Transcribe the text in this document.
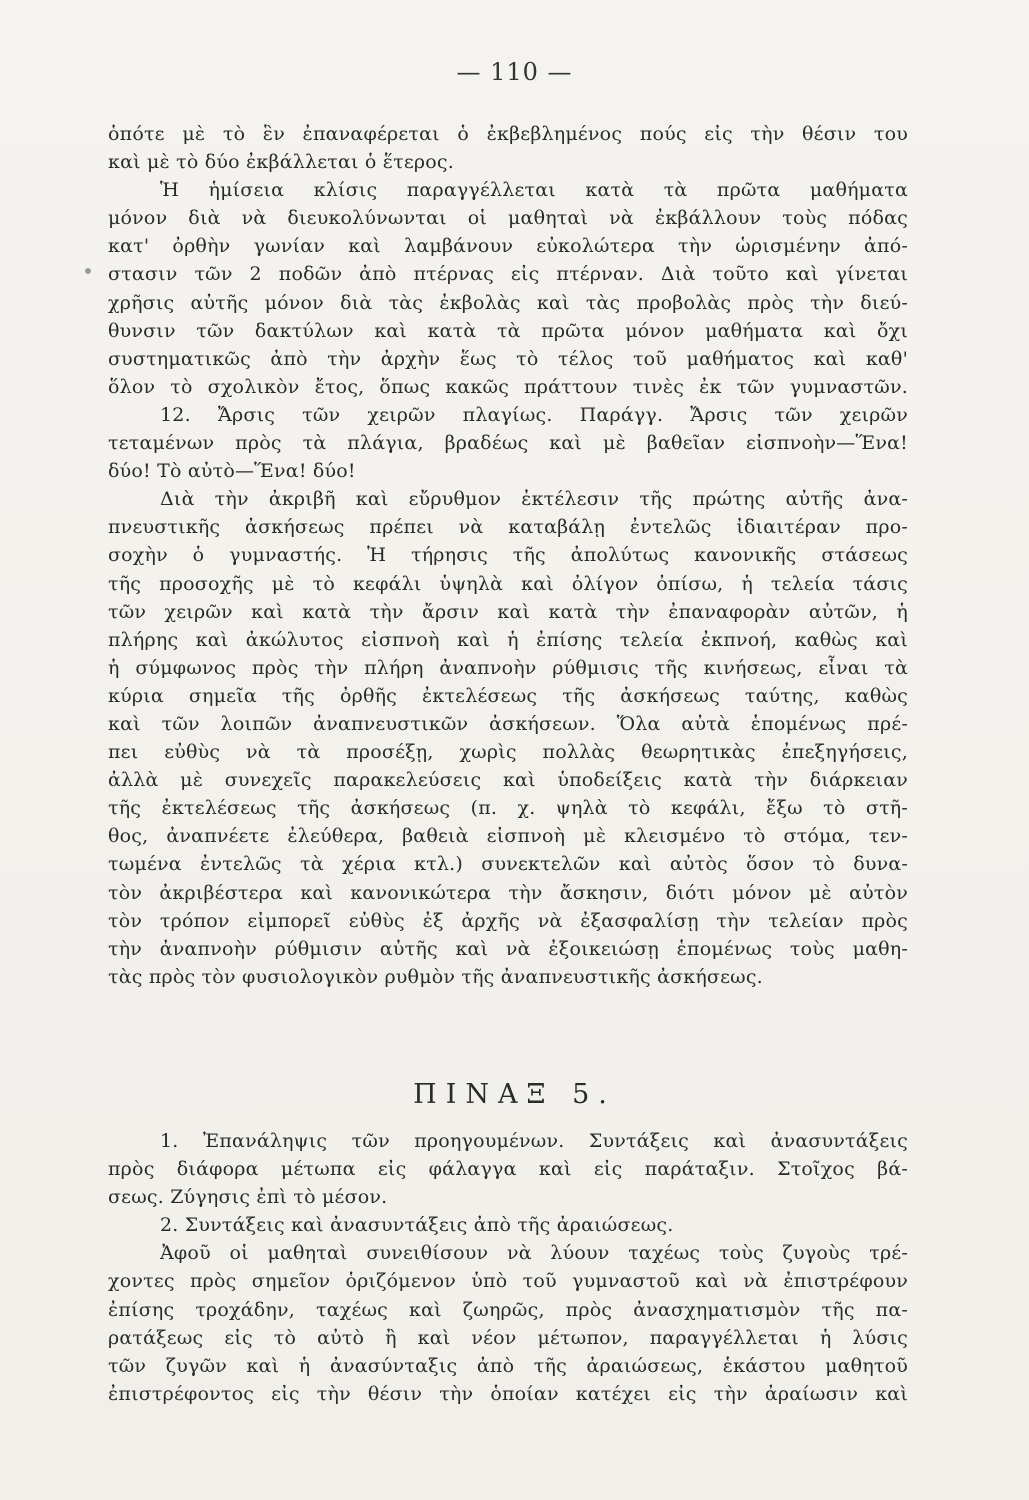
— 110 —
ὁπότε μὲ τὸ ἓν ἐπαναφέρεται ὁ ἐκβεβλημένος πούς εἰς τὴν θέσιν του
καὶ μὲ τὸ δύο ἐκβάλλεται ὁ ἕτερος.
Ἡ ἡμίσεια κλίσις παραγγέλλεται κατὰ τὰ πρῶτα μαθήματα
μόνον διὰ νὰ διευκολύνωνται οἱ μαθηταὶ νὰ ἐκβάλλουν τοὺς πόδας
κατ' ὀρθὴν γωνίαν καὶ λαμβάνουν εὐκολώτερα τὴν ὡρισμένην ἀπό-
στασιν τῶν 2 ποδῶν ἀπὸ πτέρνας εἰς πτέρναν. Διὰ τοῦτο καὶ γίνεται
χρῆσις αὐτῆς μόνον διὰ τὰς ἐκβολὰς καὶ τὰς προβολὰς πρὸς τὴν διεύ-
θυνσιν τῶν δακτύλων καὶ κατὰ τὰ πρῶτα μόνον μαθήματα καὶ ὄχι
συστηματικῶς ἀπὸ τὴν ἀρχὴν ἕως τὸ τέλος τοῦ μαθήματος καὶ καθ'
ὅλον τὸ σχολικὸν ἔτος, ὅπως κακῶς πράττουν τινὲς ἐκ τῶν γυμναστῶν.
12. Ἄρσις τῶν χειρῶν πλαγίως. Παράγγ. Ἄρσις τῶν χειρῶν
τεταμένων πρὸς τὰ πλάγια, βραδέως καὶ μὲ βαθεῖαν εἰσπνοὴν—Ἕνα!
δύο! Τὸ αὐτὸ—Ἕνα! δύο!
Διὰ τὴν ἀκριβῆ καὶ εὔρυθμον ἐκτέλεσιν τῆς πρώτης αὐτῆς ἀνα-
πνευστικῆς ἀσκήσεως πρέπει νὰ καταβάλῃ ἐντελῶς ἰδιαιτέραν προ-
σοχὴν ὁ γυμναστής. Ἡ τήρησις τῆς ἀπολύτως κανονικῆς στάσεως
τῆς προσοχῆς μὲ τὸ κεφάλι ὑψηλὰ καὶ ὀλίγον ὀπίσω, ἡ τελεία τάσις
τῶν χειρῶν καὶ κατὰ τὴν ἄρσιν καὶ κατὰ τὴν ἐπαναφορὰν αὐτῶν, ἡ
πλήρης καὶ ἀκώλυτος εἰσπνοὴ καὶ ἡ ἐπίσης τελεία ἐκπνοή, καθὼς καὶ
ἡ σύμφωνος πρὸς τὴν πλήρη ἀναπνοὴν ρύθμισις τῆς κινήσεως, εἶναι τὰ
κύρια σημεῖα τῆς ὀρθῆς ἐκτελέσεως τῆς ἀσκήσεως ταύτης, καθὼς
καὶ τῶν λοιπῶν ἀναπνευστικῶν ἀσκήσεων. Ὅλα αὐτὰ ἑπομένως πρέ-
πει εὐθὺς νὰ τὰ προσέξῃ, χωρὶς πολλὰς θεωρητικὰς ἐπεξηγήσεις,
ἀλλὰ μὲ συνεχεῖς παρακελεύσεις καὶ ὑποδείξεις κατὰ τὴν διάρκειαν
τῆς ἐκτελέσεως τῆς ἀσκήσεως (π. χ. ψηλὰ τὸ κεφάλι, ἔξω τὸ στῆ-
θος, ἀναπνέετε ἐλεύθερα, βαθειὰ εἰσπνοὴ μὲ κλεισμένο τὸ στόμα, τεν-
τωμένα ἐντελῶς τὰ χέρια κτλ.) συνεκτελῶν καὶ αὐτὸς ὅσον τὸ δυνα-
τὸν ἀκριβέστερα καὶ κανονικώτερα τὴν ἄσκησιν, διότι μόνον μὲ αὐτὸν
τὸν τρόπον εἰμπορεῖ εὐθὺς ἐξ ἀρχῆς νὰ ἐξασφαλίσῃ τὴν τελείαν πρὸς
τὴν ἀναπνοὴν ρύθμισιν αὐτῆς καὶ νὰ ἐξοικειώσῃ ἑπομένως τοὺς μαθη-
τὰς πρὸς τὸν φυσιολογικὸν ρυθμὸν τῆς ἀναπνευστικῆς ἀσκήσεως.
ΠΙΝΑΞ 5.
1. Ἐπανάληψις τῶν προηγουμένων. Συντάξεις καὶ ἀνασυντάξεις
πρὸς διάφορα μέτωπα εἰς φάλαγγα καὶ εἰς παράταξιν. Στοῖχος βά-
σεως. Ζύγησις ἐπὶ τὸ μέσον.
2. Συντάξεις καὶ ἀνασυντάξεις ἀπὸ τῆς ἀραιώσεως.
Ἀφοῦ οἱ μαθηταὶ συνειθίσουν νὰ λύουν ταχέως τοὺς ζυγοὺς τρέ-
χοντες πρὸς σημεῖον ὁριζόμενον ὑπὸ τοῦ γυμναστοῦ καὶ νὰ ἐπιστρέφουν
ἐπίσης τροχάδην, ταχέως καὶ ζωηρῶς, πρὸς ἀνασχηματισμὸν τῆς πα-
ρατάξεως εἰς τὸ αὐτὸ ἢ καὶ νέον μέτωπον, παραγγέλλεται ἡ λύσις
τῶν ζυγῶν καὶ ἡ ἀνασύνταξις ἀπὸ τῆς ἀραιώσεως, ἑκάστου μαθητοῦ
ἐπιστρέφοντος εἰς τὴν θέσιν τὴν ὁποίαν κατέχει εἰς τὴν ἀραίωσιν καὶ
